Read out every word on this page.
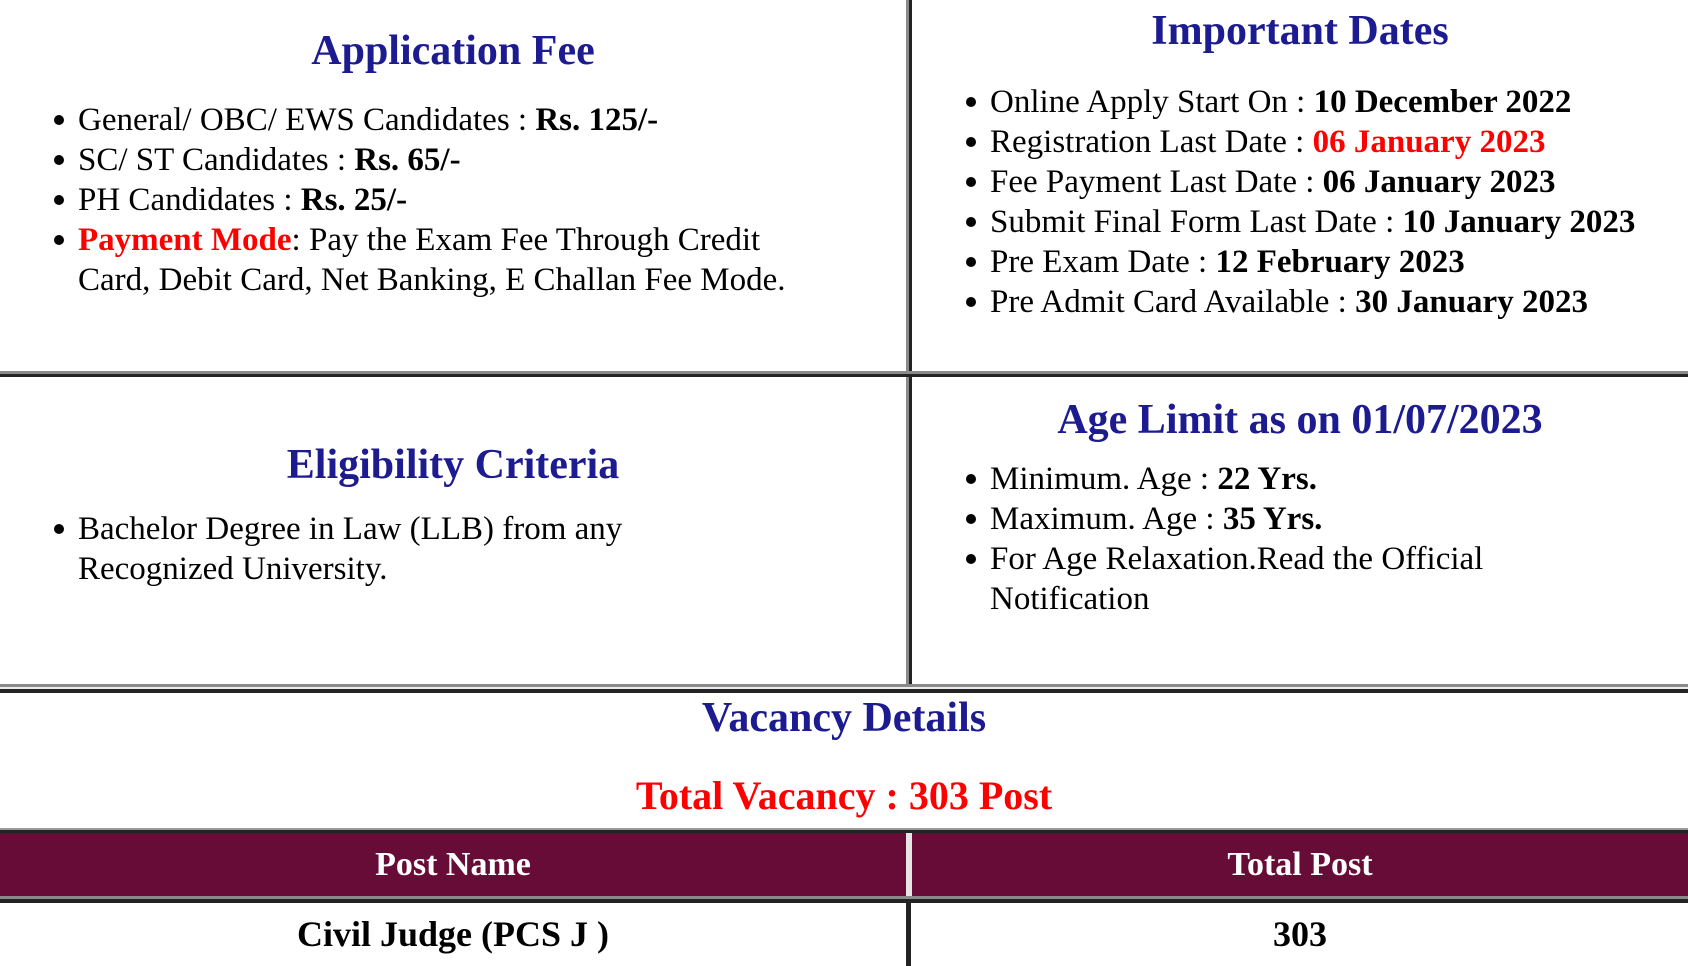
Application Fee
General/ OBC/ EWS Candidates : Rs. 125/-
SC/ ST Candidates : Rs. 65/-
PH Candidates : Rs. 25/-
Payment Mode: Pay the Exam Fee Through Credit Card, Debit Card, Net Banking, E Challan Fee Mode.
Important Dates
Online Apply Start On : 10 December 2022
Registration Last Date : 06 January 2023
Fee Payment Last Date : 06 January 2023
Submit Final Form Last Date : 10 January 2023
Pre Exam Date : 12 February 2023
Pre Admit Card Available : 30 January 2023
Eligibility Criteria
Bachelor Degree in Law (LLB) from any Recognized University.
Age Limit as on 01/07/2023
Minimum. Age : 22 Yrs.
Maximum. Age : 35 Yrs.
For Age Relaxation.Read the Official Notification
Vacancy Details
Total Vacancy : 303 Post
Post Name	Total Post
Civil Judge (PCS J )	303
